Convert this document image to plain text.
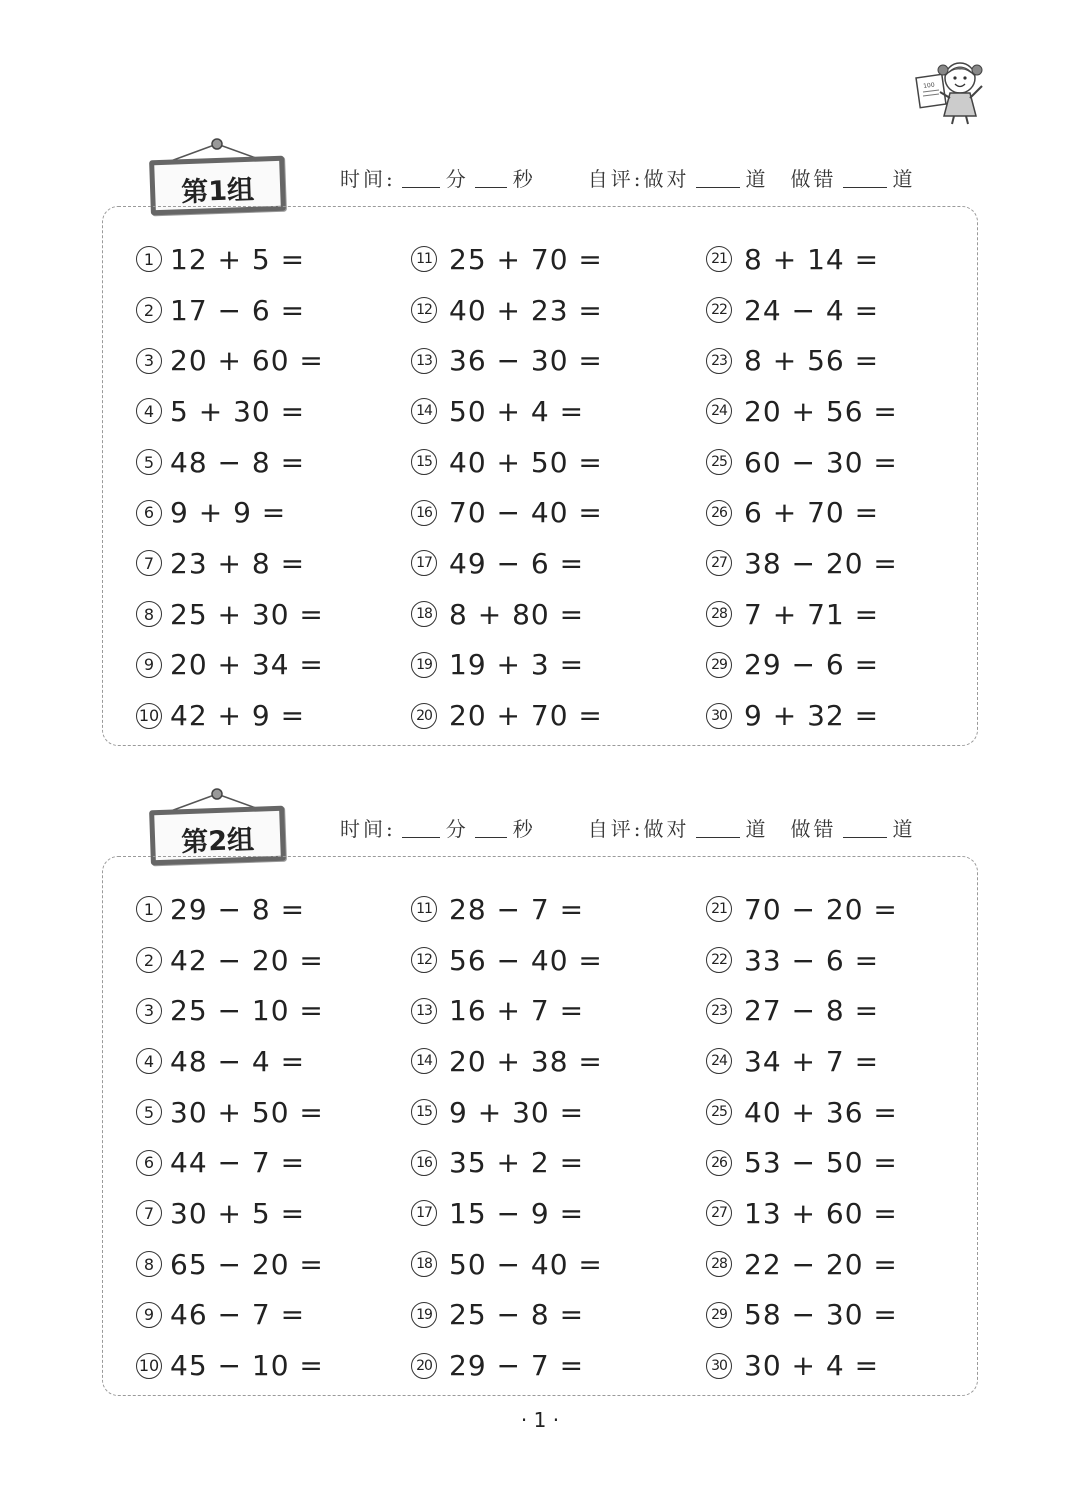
100
第1组	时间:	分 秒	自评:做对	道 做错	道
1 12 + 5 =
2 17 − 6 =
3 20 + 60 =
4 5 + 30 =
5 48 − 8 =
6 9 + 9 =
7 23 + 8 =
8 25 + 30 =
9 20 + 34 =
10 42 + 9 =
11 25 + 70 =
12 40 + 23 =
13 36 − 30 =
14 50 + 4 =
15 40 + 50 =
16 70 − 40 =
17 49 − 6 =
18 8 + 80 =
19 19 + 3 =
20 20 + 70 =
21 8 + 14 =
22 24 − 4 =
23 8 + 56 =
24 20 + 56 =
25 60 − 30 =
26 6 + 70 =
27 38 − 20 =
28 7 + 71 =
29 29 − 6 =
30 9 + 32 =
第2组	时间:	分 秒	自评:做对	道 做错	道
1 29 − 8 =
2 42 − 20 =
3 25 − 10 =
4 48 − 4 =
5 30 + 50 =
6 44 − 7 =
7 30 + 5 =
8 65 − 20 =
9 46 − 7 =
10 45 − 10 =
11 28 − 7 =
12 56 − 40 =
13 16 + 7 =
14 20 + 38 =
15 9 + 30 =
16 35 + 2 =
17 15 − 9 =
18 50 − 40 =
19 25 − 8 =
20 29 − 7 =
21 70 − 20 =
22 33 − 6 =
23 27 − 8 =
24 34 + 7 =
25 40 + 36 =
26 53 − 50 =
27 13 + 60 =
28 22 − 20 =
29 58 − 30 =
30 30 + 4 =
· 1 ·
